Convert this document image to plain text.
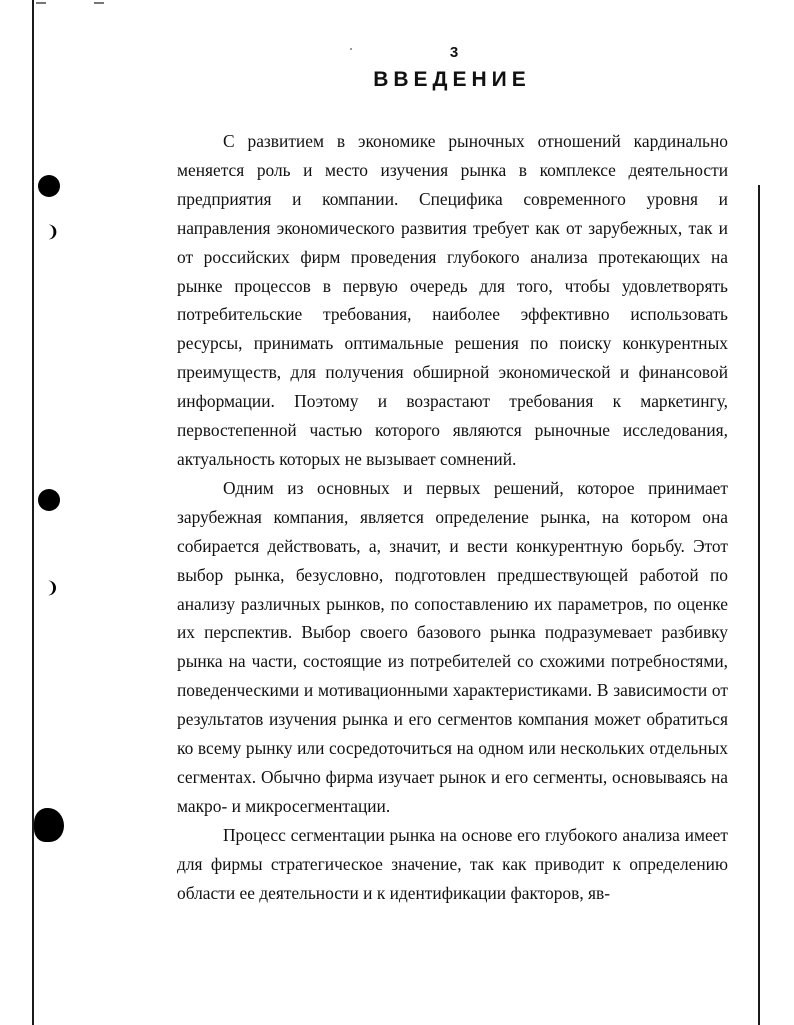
❩
 ❩ 
3
ВВЕДЕНИЕ

С развитием в экономике рыночных отношений кардинально меняется роль и место изучения рынка в комплексе деятельности предприятия и компании. Специфика современного уровня и направления экономического развития требует как от зарубежных, так и от российских фирм проведения глубокого анализа протекающих на рынке процессов в первую очередь для того, чтобы удовлетворять потребительские требования, наиболее эффективно использовать ресурсы, принимать оптимальные решения по поиску конкурентных преимуществ, для получения обширной экономической и финансовой информации. Поэтому и возрастают требования к маркетингу, первостепенной частью которого являются рыночные исследования, актуальность которых не вызывает сомнений.

Одним из основных и первых решений, которое принимает зарубежная компания, является определение рынка, на котором она собирается действовать, а, значит, и вести конкурентную борьбу. Этот выбор рынка, безусловно, подготовлен предшествующей работой по анализу различных рынков, по сопоставлению их параметров, по оценке их перспектив. Выбор своего базового рынка подразумевает разбивку рынка на части, состоящие из потребителей со схожими потребностями, поведенческими и мотивационными характеристиками. В зависимости от результатов изучения рынка и его сегментов компания может обратиться ко всему рынку или сосредоточиться на одном или нескольких отдельных сегментах. Обычно фирма изучает рынок и его сегменты, основываясь на макро- и микросегментации.

Процесс сегментации рынка на основе его глубокого анализа имеет для фирмы стратегическое значение, так как приводит к определению области ее деятельности и к идентификации факторов, яв-
